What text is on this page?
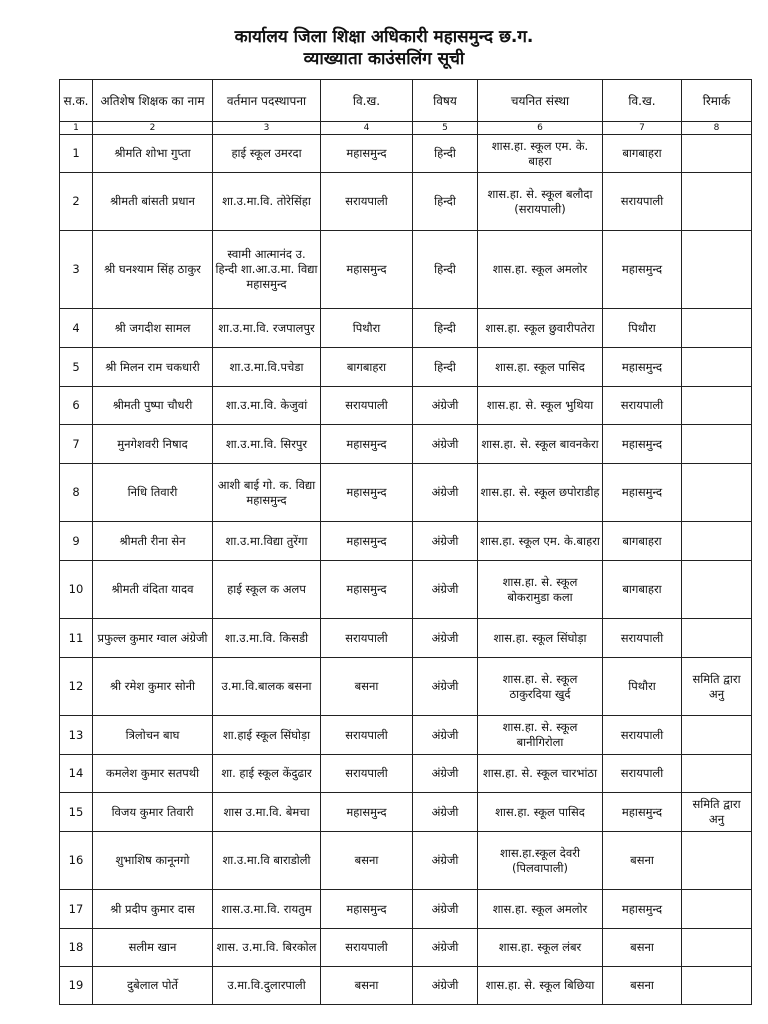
कार्यालय जिला शिक्षा अधिकारी महासमुन्द छ.ग.
व्याख्याता काउंसलिंग सूची
स.क.	अतिशेष शिक्षक का नाम	वर्तमान पदस्थापना	वि.ख.	विषय	चयनित संस्था	वि.ख.	रिमार्क
1	2	3	4	5	6	7	8
1	श्रीमति शोभा गुप्ता	हाई स्कूल उमरदा	महासमुन्द	हिन्दी	शास.हा. स्कूल एम. के. बाहरा	बागबाहरा	
2	श्रीमती बांसती प्रधान	शा.उ.मा.वि. तोरेसिंहा	सरायपाली	हिन्दी	शास.हा. से. स्कूल बलौदा (सरायपाली)	सरायपाली	
3	श्री घनश्याम सिंह ठाकुर	स्वामी आत्मानंद उ. हिन्दी शा.आ.उ.मा. विद्या महासमुन्द	महासमुन्द	हिन्दी	शास.हा. स्कूल अमलोर	महासमुन्द	
4	श्री जगदीश सामल	शा.उ.मा.वि. रजपालपुर	पिथौरा	हिन्दी	शास.हा. स्कूल छुवारीपतेरा	पिथौरा	
5	श्री मिलन राम चकधारी	शा.उ.मा.वि.पचेडा	बागबाहरा	हिन्दी	शास.हा. स्कूल पासिद	महासमुन्द	
6	श्रीमती पुष्पा चौधरी	शा.उ.मा.वि. केजुवां	सरायपाली	अंग्रेजी	शास.हा. से. स्कूल भुथिया	सरायपाली	
7	मुनगेशवरी निषाद	शा.उ.मा.वि. सिरपुर	महासमुन्द	अंग्रेजी	शास.हा. से. स्कूल बावनकेरा	महासमुन्द	
8	निधि तिवारी	आशी बाई गो. क. विद्या महासमुन्द	महासमुन्द	अंग्रेजी	शास.हा. से. स्कूल छपोराडीह	महासमुन्द	
9	श्रीमती रीना सेन	शा.उ.मा.विद्या तुरेंगा	महासमुन्द	अंग्रेजी	शास.हा. स्कूल एम. के.बाहरा	बागबाहरा	
10	श्रीमती वंदिता यादव	हाई स्कूल क अलप	महासमुन्द	अंग्रेजी	शास.हा. से. स्कूल बोकरामुडा कला	बागबाहरा	
11	प्रफुल्ल कुमार ग्वाल अंग्रेजी	शा.उ.मा.वि. किसडी	सरायपाली	अंग्रेजी	शास.हा. स्कूल सिंघोड़ा	सरायपाली	
12	श्री रमेश कुमार सोनी	उ.मा.वि.बालक बसना	बसना	अंग्रेजी	शास.हा. से. स्कूल ठाकुरदिया खुर्द	पिथौरा	समिति द्वारा अनु
13	त्रिलोचन बाघ	शा.हाई स्कूल सिंघोड़ा	सरायपाली	अंग्रेजी	शास.हा. से. स्कूल बानीगिरोला	सरायपाली	
14	कमलेश कुमार सतपथी	शा. हाई स्कूल केंदुढार	सरायपाली	अंग्रेजी	शास.हा. से. स्कूल चारभांठा	सरायपाली	
15	विजय कुमार तिवारी	शास उ.मा.वि. बेमचा	महासमुन्द	अंग्रेजी	शास.हा. स्कूल पासिद	महासमुन्द	समिति द्वारा अनु
16	शुभाशिष कानूनगो	शा.उ.मा.वि बाराडोली	बसना	अंग्रेजी	शास.हा.स्कूल देवरी (पिलवापाली)	बसना	
17	श्री प्रदीप कुमार दास	शास.उ.मा.वि. रायतुम	महासमुन्द	अंग्रेजी	शास.हा. स्कूल अमलोर	महासमुन्द	
18	सलीम खान	शास. उ.मा.वि. बिरकोल	सरायपाली	अंग्रेजी	शास.हा. स्कूल लंबर	बसना	
19	दुबेलाल पोर्ते	उ.मा.वि.दुलारपाली	बसना	अंग्रेजी	शास.हा. से. स्कूल बिछिया	बसना	
